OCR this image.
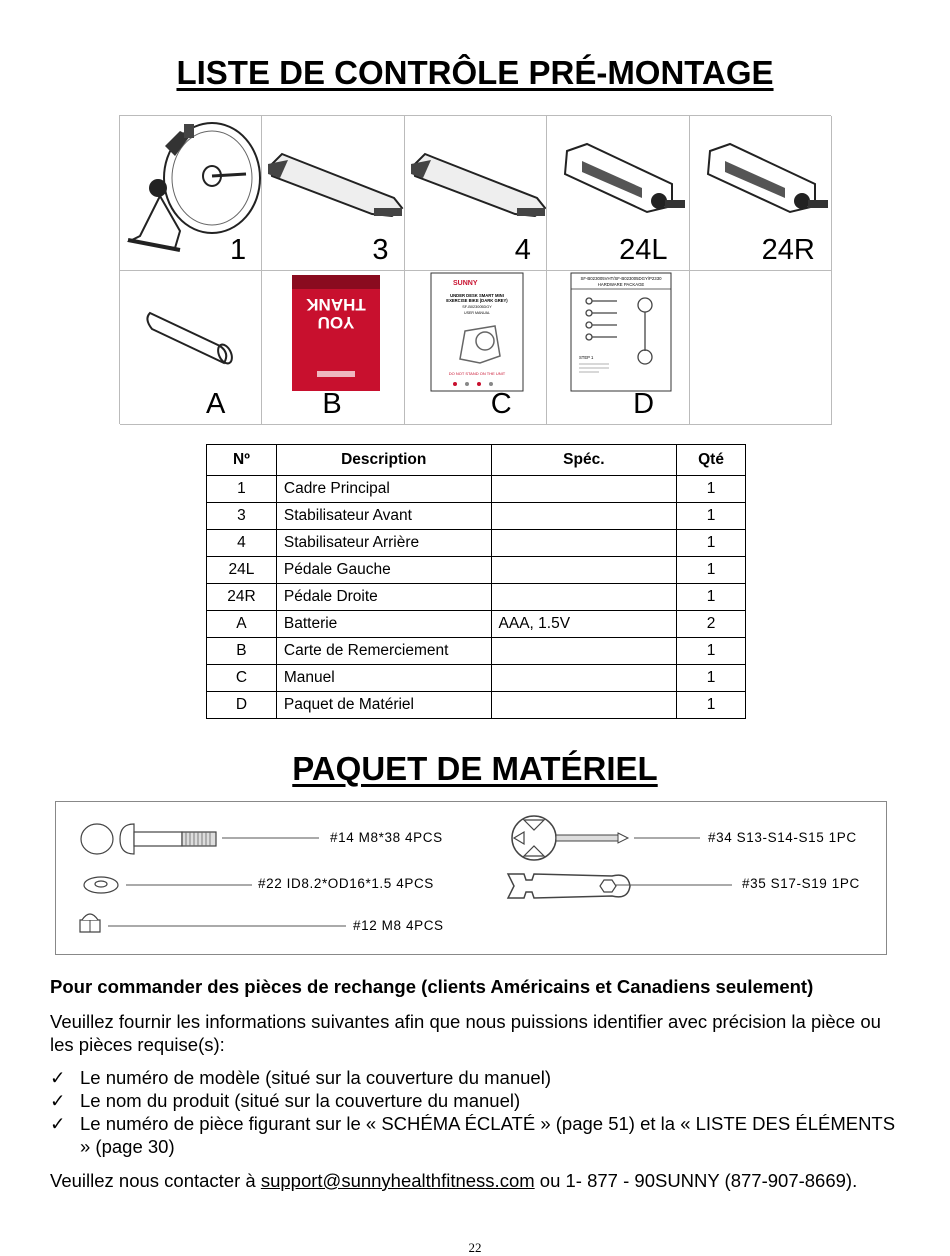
LISTE DE CONTRÔLE PRÉ-MONTAGE
1	3	4	24L	24R
A
THANK
YOU
B
SUNNY
UNDER DESK SMART MINI
EXERCISE BIKE (DARK GREY)
SF-B023005DGY
USER MANUAL
DO NOT STAND ON THE UNIT
C
SF-B023005VHT/SF-B023005DGY/P2330
HARDWARE PACKAGE
STEP 1
D
Nº	Description	Spéc.	Qté
1	Cadre Principal		1
3	Stabilisateur Avant		1
4	Stabilisateur Arrière		1
24L	Pédale Gauche		1
24R	Pédale Droite		1
A	Batterie	AAA, 1.5V	2
B	Carte de Remerciement		1
C	Manuel		1
D	Paquet de Matériel		1
PAQUET DE MATÉRIEL
#14 M8*38 4PCS
#22 ID8.2*OD16*1.5 4PCS
#12 M8 4PCS
#34 S13-S14-S15 1PC
#35 S17-S19 1PC
Pour commander des pièces de rechange (clients Américains et Canadiens seulement)
Veuillez fournir les informations suivantes afin que nous puissions identifier avec précision la pièce ou les pièces requise(s):
✓ Le numéro de modèle (situé sur la couverture du manuel)
✓ Le nom du produit (situé sur la couverture du manuel)
✓ Le numéro de pièce figurant sur le « SCHÉMA ÉCLATÉ » (page 51) et la « LISTE DES ÉLÉMENTS » (page 30)
Veuillez nous contacter à support@sunnyhealthfitness.com ou 1- 877 - 90SUNNY (877-907-8669).
22
